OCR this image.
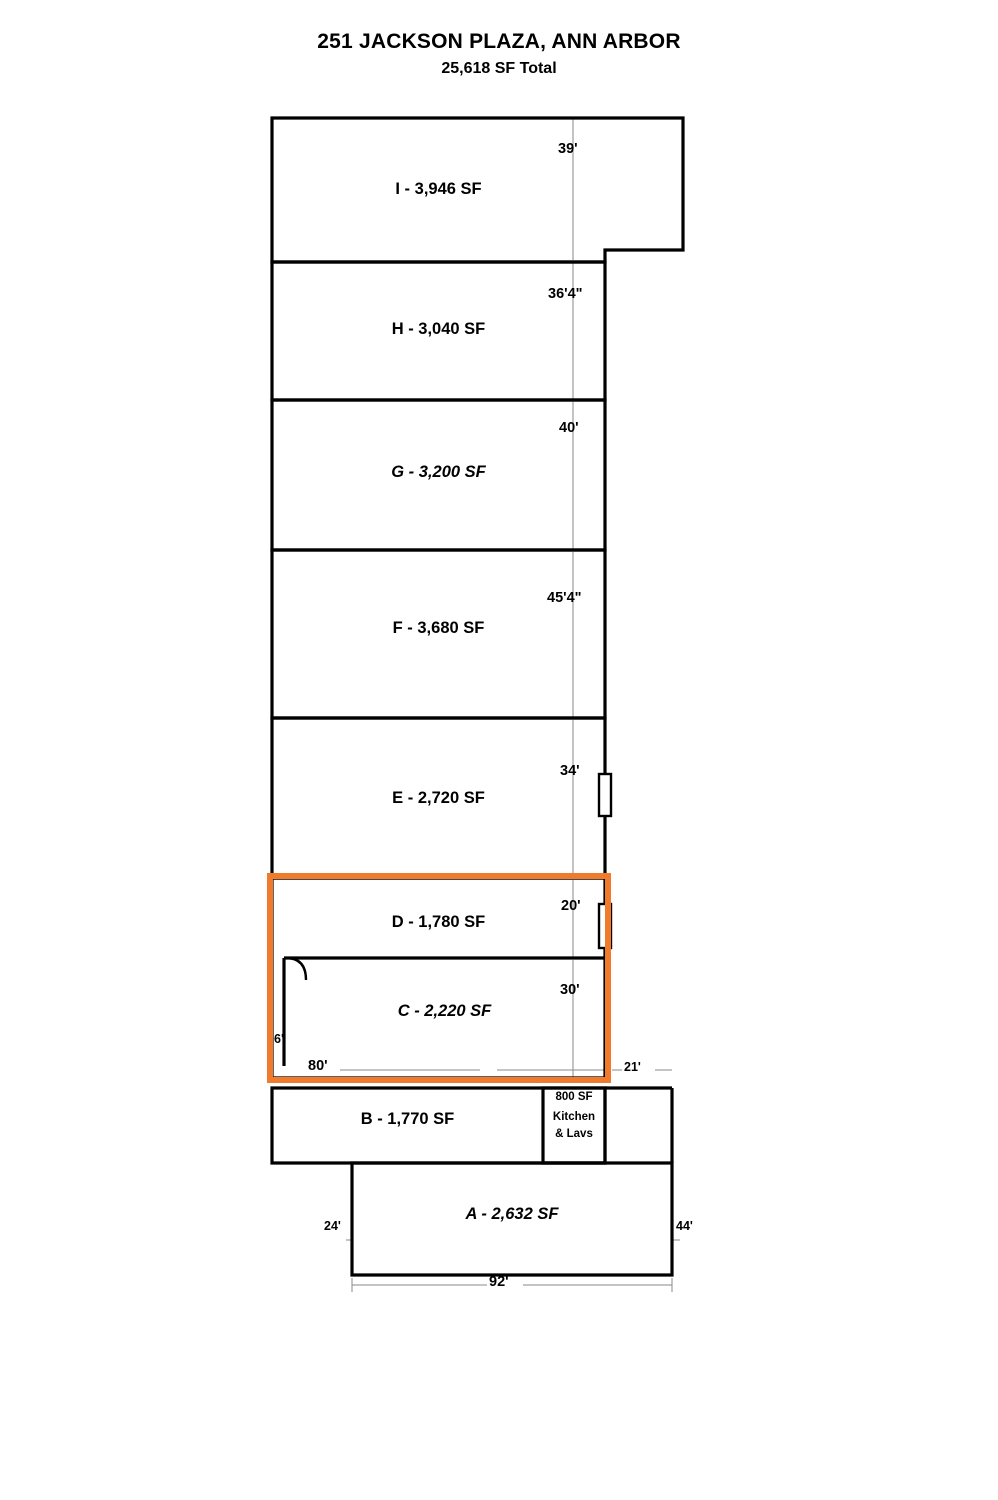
251 JACKSON PLAZA, ANN ARBOR
25,618 SF Total
I - 3,946 SF
39'
H - 3,040 SF
36'4"
G - 3,200 SF
40'
F - 3,680 SF
45'4"
E - 2,720 SF
34'
D - 1,780 SF
20'
C - 2,220 SF
30'
B - 1,770 SF
A - 2,632 SF
800 SF
Kitchen
& Lavs
6'
80'	21'
24'	44'
92'
